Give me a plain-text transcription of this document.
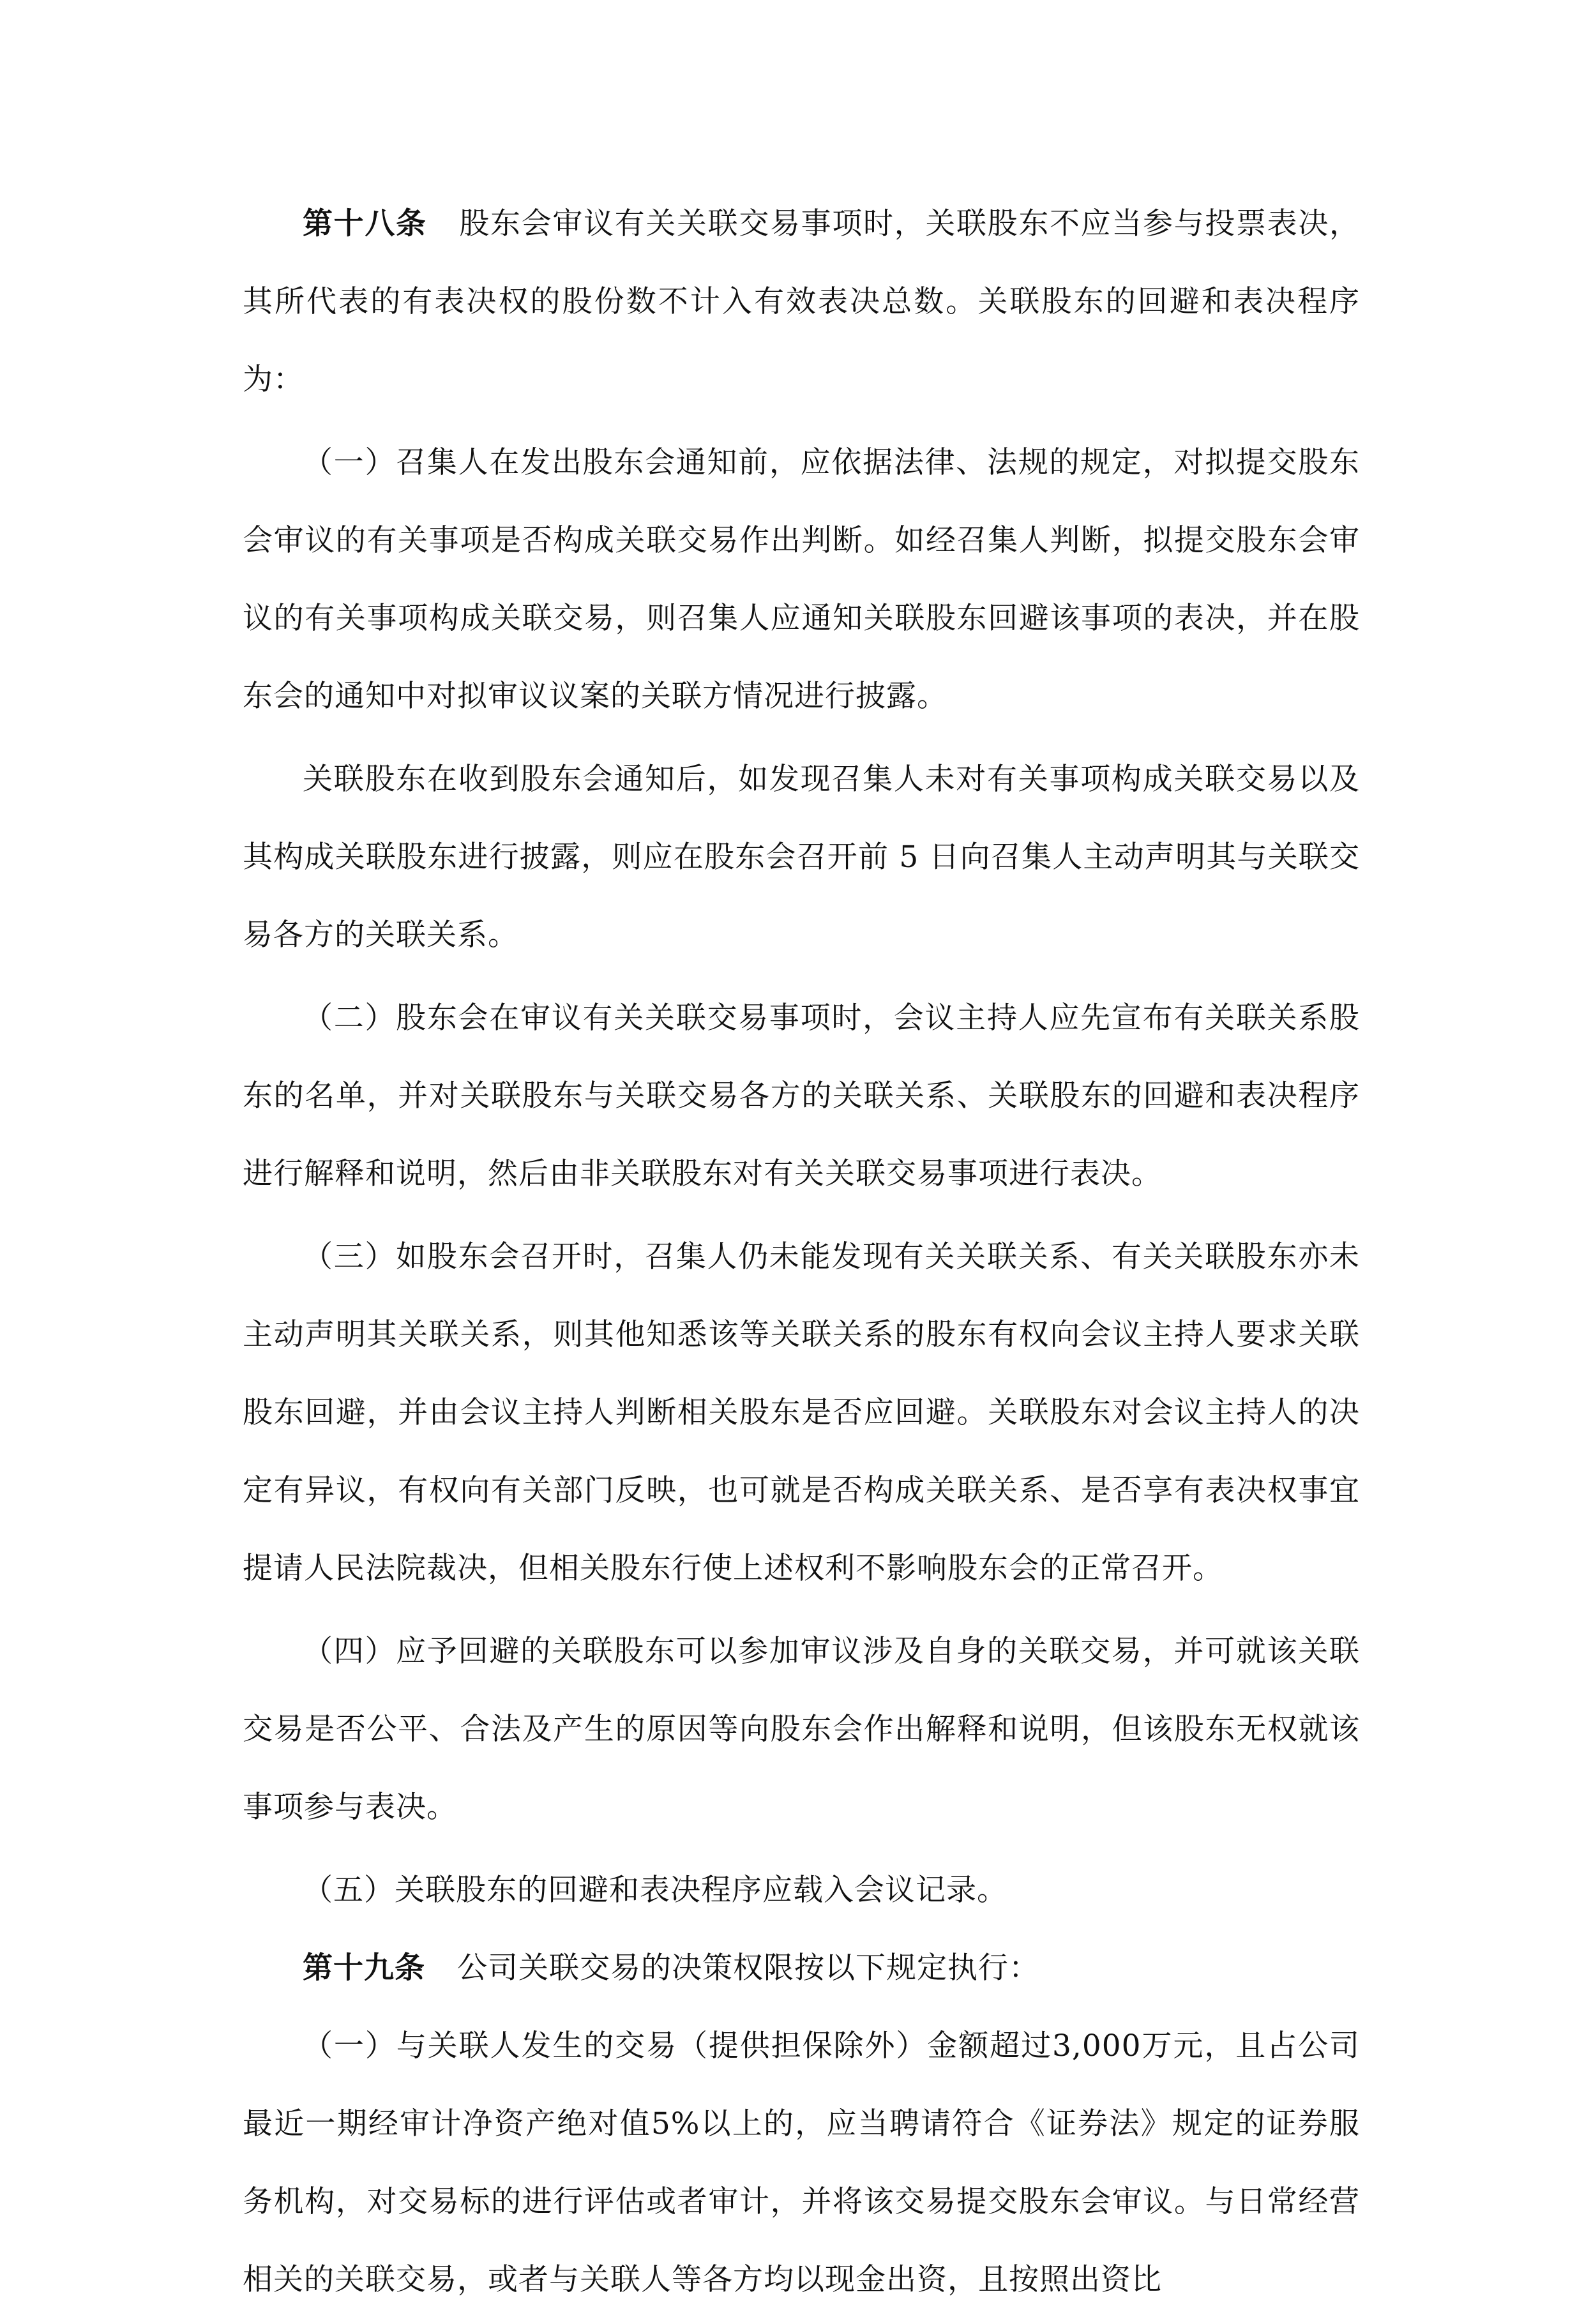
第十八条 股东会审议有关关联交易事项时，关联股东不应当参与投票表决，其所代表的有表决权的股份数不计入有效表决总数。关联股东的回避和表决程序为：

（一）召集人在发出股东会通知前，应依据法律、法规的规定，对拟提交股东会审议的有关事项是否构成关联交易作出判断。如经召集人判断，拟提交股东会审议的有关事项构成关联交易，则召集人应通知关联股东回避该事项的表决，并在股东会的通知中对拟审议议案的关联方情况进行披露。

关联股东在收到股东会通知后，如发现召集人未对有关事项构成关联交易以及其构成关联股东进行披露，则应在股东会召开前 5 日向召集人主动声明其与关联交易各方的关联关系。

（二）股东会在审议有关关联交易事项时，会议主持人应先宣布有关联关系股东的名单，并对关联股东与关联交易各方的关联关系、关联股东的回避和表决程序进行解释和说明，然后由非关联股东对有关关联交易事项进行表决。

（三）如股东会召开时，召集人仍未能发现有关关联关系、有关关联股东亦未主动声明其关联关系，则其他知悉该等关联关系的股东有权向会议主持人要求关联股东回避，并由会议主持人判断相关股东是否应回避。关联股东对会议主持人的决定有异议，有权向有关部门反映，也可就是否构成关联关系、是否享有表决权事宜提请人民法院裁决，但相关股东行使上述权利不影响股东会的正常召开。

（四）应予回避的关联股东可以参加审议涉及自身的关联交易，并可就该关联交易是否公平、合法及产生的原因等向股东会作出解释和说明，但该股东无权就该事项参与表决。

（五）关联股东的回避和表决程序应载入会议记录。

第十九条 公司关联交易的决策权限按以下规定执行：

（一）与关联人发生的交易（提供担保除外）金额超过3,000万元，且占公司最近一期经审计净资产绝对值5%以上的，应当聘请符合《证券法》规定的证券服务机构，对交易标的进行评估或者审计，并将该交易提交股东会审议。与日常经营相关的关联交易，或者与关联人等各方均以现金出资，且按照出资比
